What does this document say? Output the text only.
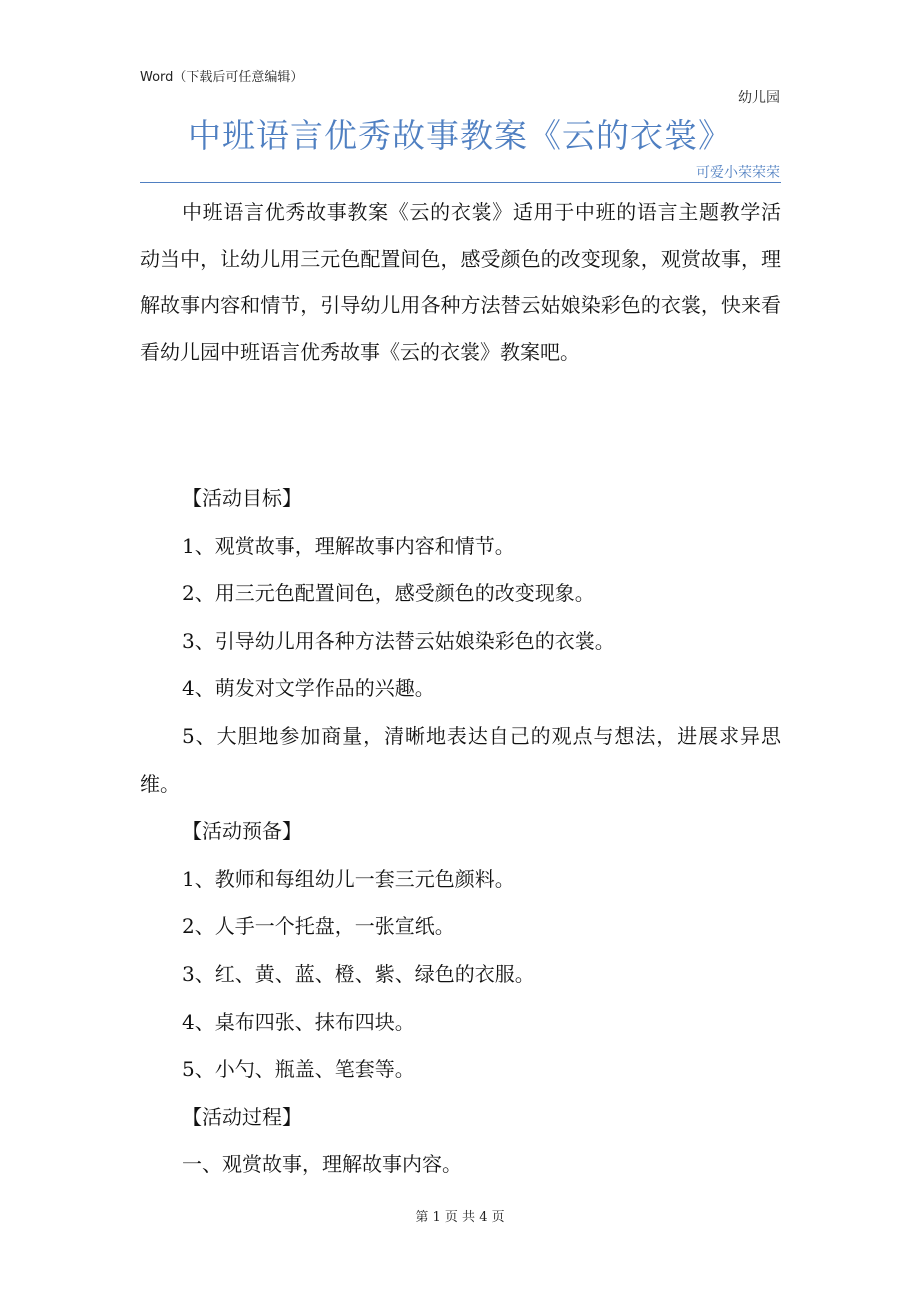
Word（下载后可任意编辑）
幼儿园
中班语言优秀故事教案《云的衣裳》
可爱小荣荣荣

中班语言优秀故事教案《云的衣裳》适用于中班的语言主题教学活动当中，让幼儿用三元色配置间色，感受颜色的改变现象，观赏故事，理解故事内容和情节，引导幼儿用各种方法替云姑娘染彩色的衣裳，快来看看幼儿园中班语言优秀故事《云的衣裳》教案吧。

【活动目标】

1、观赏故事，理解故事内容和情节。

2、用三元色配置间色，感受颜色的改变现象。

3、引导幼儿用各种方法替云姑娘染彩色的衣裳。

4、萌发对文学作品的兴趣。

5、大胆地参加商量，清晰地表达自己的观点与想法，进展求异思维。

【活动预备】

1、教师和每组幼儿一套三元色颜料。

2、人手一个托盘，一张宣纸。

3、红、黄、蓝、橙、紫、绿色的衣服。

4、桌布四张、抹布四块。

5、小勺、瓶盖、笔套等。

【活动过程】

一、观赏故事，理解故事内容。

第 1 页 共 4 页
